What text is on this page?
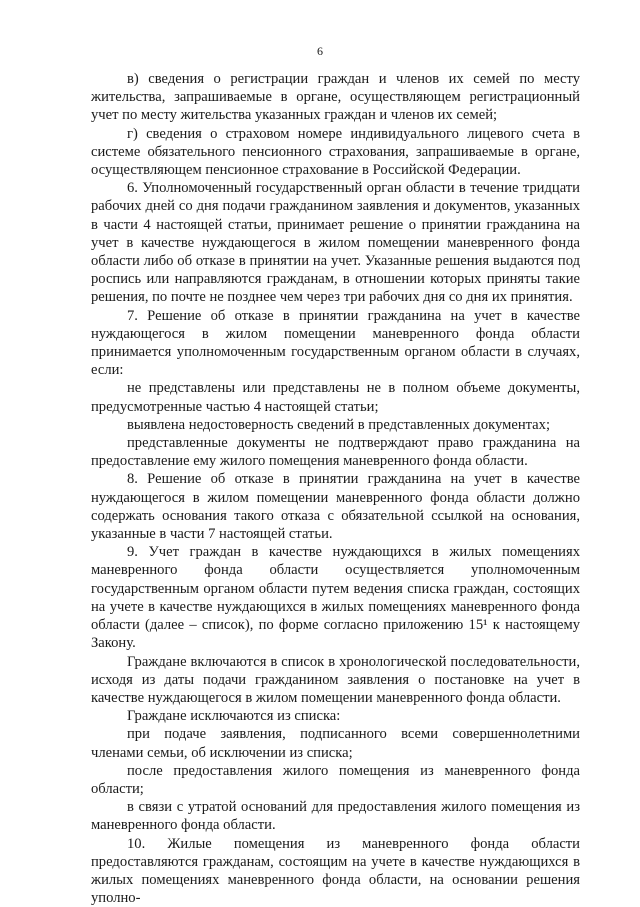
6

в) сведения о регистрации граждан и членов их семей по месту жительства, запрашиваемые в органе, осуществляющем регистрационный учет по месту жительства указанных граждан и членов их семей;

г) сведения о страховом номере индивидуального лицевого счета в системе обязательного пенсионного страхования, запрашиваемые в органе, осуществляющем пенсионное страхование в Российской Федерации.

6. Уполномоченный государственный орган области в течение тридцати рабочих дней со дня подачи гражданином заявления и документов, указанных в части 4 настоящей статьи, принимает решение о принятии гражданина на учет в качестве нуждающегося в жилом помещении маневренного фонда области либо об отказе в принятии на учет. Указанные решения выдаются под роспись или направляются гражданам, в отношении которых приняты такие решения, по почте не позднее чем через три рабочих дня со дня их принятия.

7. Решение об отказе в принятии гражданина на учет в качестве нуждающегося в жилом помещении маневренного фонда области принимается уполномоченным государственным органом области в случаях, если:

не представлены или представлены не в полном объеме документы, предусмотренные частью 4 настоящей статьи;

выявлена недостоверность сведений в представленных документах;

представленные документы не подтверждают право гражданина на предоставление ему жилого помещения маневренного фонда области.

8. Решение об отказе в принятии гражданина на учет в качестве нуждающегося в жилом помещении маневренного фонда области должно содержать основания такого отказа с обязательной ссылкой на основания, указанные в части 7 настоящей статьи.

9. Учет граждан в качестве нуждающихся в жилых помещениях маневренного фонда области осуществляется уполномоченным государственным органом области путем ведения списка граждан, состоящих на учете в качестве нуждающихся в жилых помещениях маневренного фонда области (далее – список), по форме согласно приложению 15¹ к настоящему Закону.

Граждане включаются в список в хронологической последовательности, исходя из даты подачи гражданином заявления о постановке на учет в качестве нуждающегося в жилом помещении маневренного фонда области.

Граждане исключаются из списка:

при подаче заявления, подписанного всеми совершеннолетними членами семьи, об исключении из списка;

после предоставления жилого помещения из маневренного фонда области;

в связи с утратой оснований для предоставления жилого помещения из маневренного фонда области.

10. Жилые помещения из маневренного фонда области предоставляются гражданам, состоящим на учете в качестве нуждающихся в жилых помещениях маневренного фонда области, на основании решения уполно-
